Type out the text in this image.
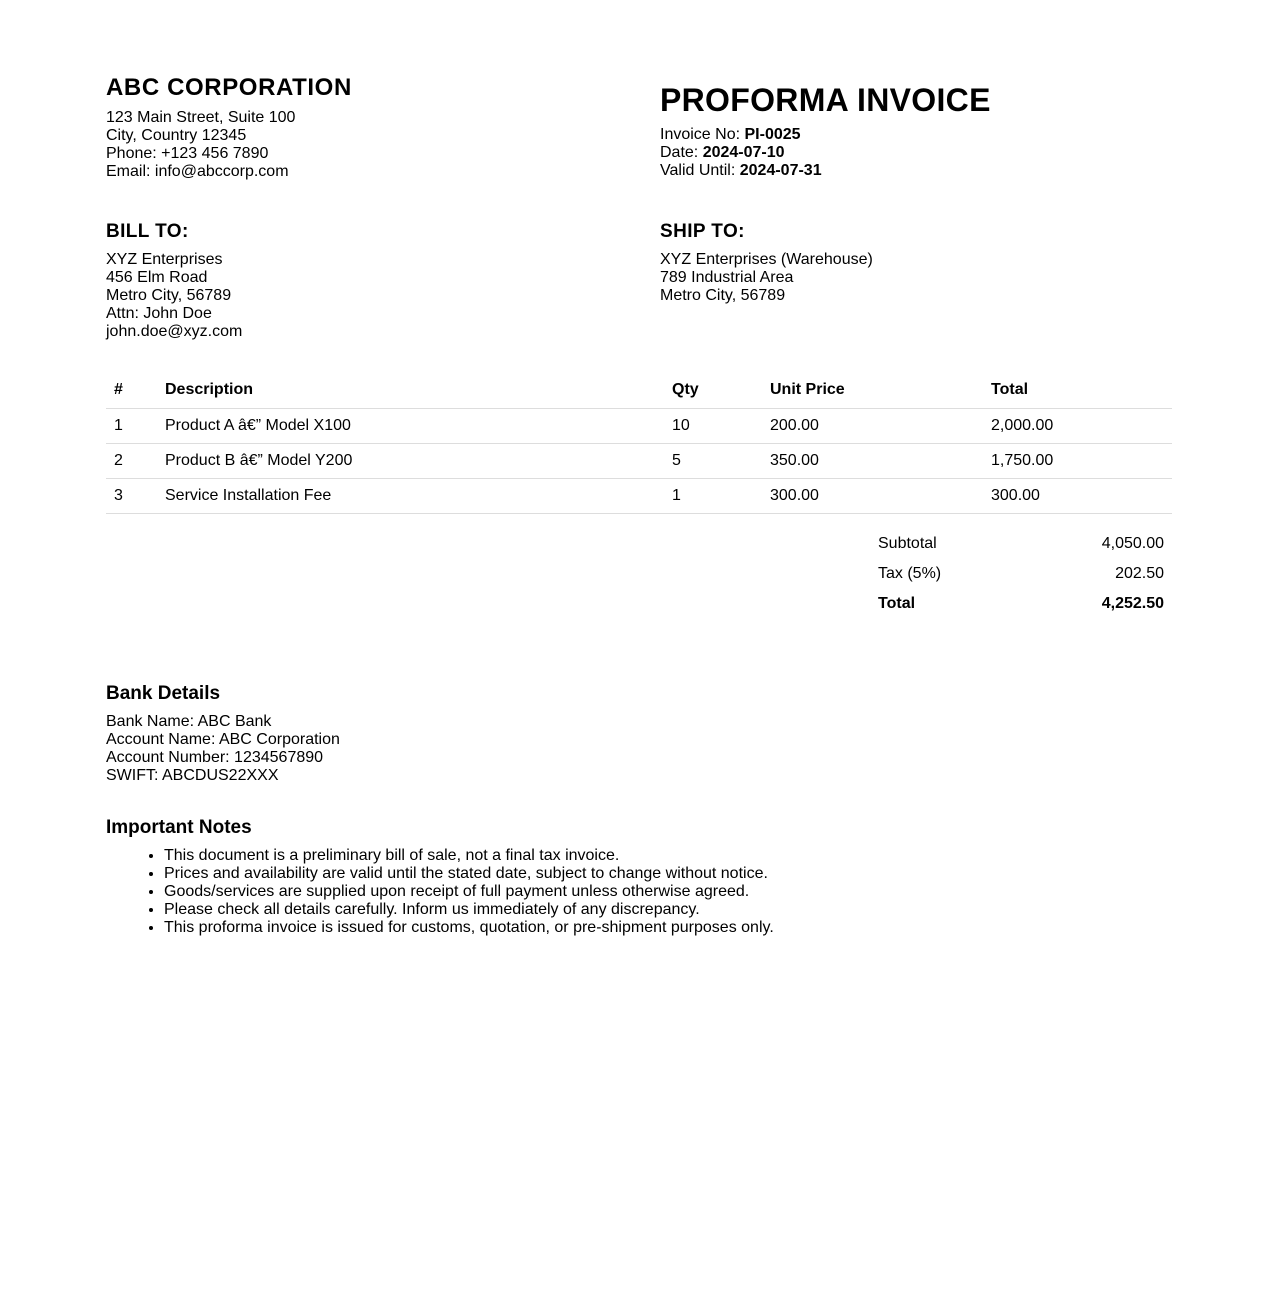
ABC CORPORATION
123 Main Street, Suite 100
City, Country 12345
Phone: +123 456 7890
Email: info@abccorp.com
PROFORMA INVOICE
Invoice No: PI-0025
Date: 2024-07-10
Valid Until: 2024-07-31
BILL TO:
XYZ Enterprises
456 Elm Road
Metro City, 56789
Attn: John Doe
john.doe@xyz.com
SHIP TO:
XYZ Enterprises (Warehouse)
789 Industrial Area
Metro City, 56789
#	Description	Qty	Unit Price	Total
1	Product A â€” Model X100	10	200.00	2,000.00
2	Product B â€” Model Y200	5	350.00	1,750.00
3	Service Installation Fee	1	300.00	300.00
Subtotal	4,050.00
Tax (5%)	202.50
Total	4,252.50
Bank Details
Bank Name: ABC Bank
Account Name: ABC Corporation
Account Number: 1234567890
SWIFT: ABCDUS22XXX
Important Notes
• This document is a preliminary bill of sale, not a final tax invoice.
• Prices and availability are valid until the stated date, subject to change without notice.
• Goods/services are supplied upon receipt of full payment unless otherwise agreed.
• Please check all details carefully. Inform us immediately of any discrepancy.
• This proforma invoice is issued for customs, quotation, or pre-shipment purposes only.
